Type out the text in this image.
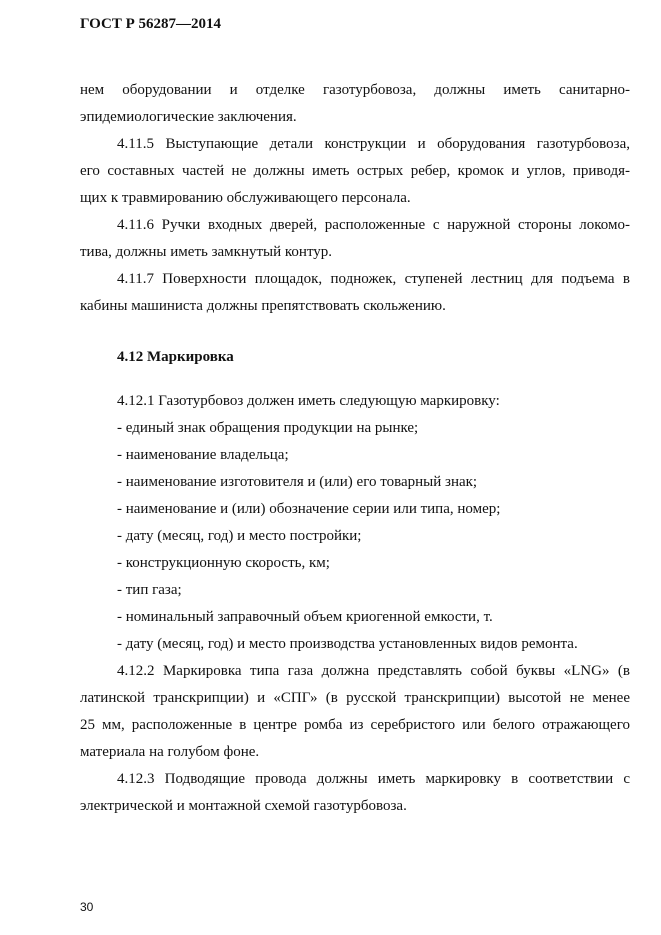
ГОСТ Р 56287—2014
нем оборудовании и отделке газотурбовоза, должны иметь санитарно-
эпидемиологические заключения.
4.11.5 Выступающие детали конструкции и оборудования газотурбовоза,
его составных частей не должны иметь острых ребер, кромок и углов, приводя-
щих к травмированию обслуживающего персонала.
4.11.6 Ручки входных дверей, расположенные с наружной стороны локомо-
тива, должны иметь замкнутый контур.
4.11.7 Поверхности площадок, подножек, ступеней лестниц для подъема в
кабины машиниста должны препятствовать скольжению.
4.12 Маркировка
4.12.1 Газотурбовоз должен иметь следующую маркировку:
- единый знак обращения продукции на рынке;
- наименование владельца;
- наименование изготовителя и (или) его товарный знак;
- наименование и (или) обозначение серии или типа, номер;
- дату (месяц, год) и место постройки;
- конструкционную скорость, км;
- тип газа;
- номинальный заправочный объем криогенной емкости, т.
- дату (месяц, год) и место производства установленных видов ремонта.
4.12.2 Маркировка типа газа должна представлять собой буквы «LNG» (в
латинской транскрипции) и «СПГ» (в русской транскрипции) высотой не менее
25 мм, расположенные в центре ромба из серебристого или белого отражающего
материала на голубом фоне.
4.12.3 Подводящие провода должны иметь маркировку в соответствии с
электрической и монтажной схемой газотурбовоза.
30
